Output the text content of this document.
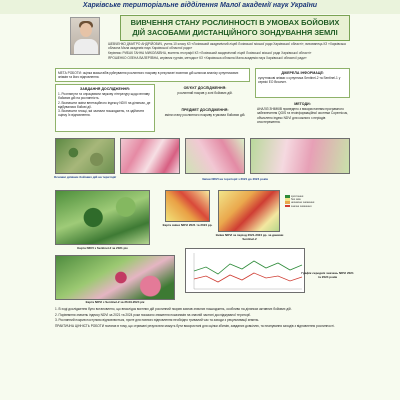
Харківське територіальне відділення Малої академії наук України
ВИВЧЕННЯ СТАНУ РОСЛИННОСТІ В УМОВАХ БОЙОВИХ
ДІЙ ЗАСОБАМИ ДИСТАНЦІЙНОГО ЗОНДУВАННЯ ЗЕМЛІ

ШЕВЧЕНКО ДМИТРО АНДРІЙОВИЧ, учень 10 класу КЗ «Лозівський академічний ліцей Лозівської міської ради Харківської області», вихованець КЗ «Харківська обласна Мала академія наук Харківської обласної ради»

Керівник: РИБАК ГАННА МИКОЛАЇВНА, вчитель географії КЗ «Лозівський академічний ліцей Лозівської міської ради Харківської області»

ЯРОШЕНКО ОЛЕНА ВАЛЕРІЇВНА, керівник гуртків, методист КЗ «Харківська обласна Мала академія наук Харківської обласної ради»

МЕТА РОБОТИ: оцінка масштабів руйнування рослинного покриву в результаті воєнних дій шляхом аналізу супутникових знімків та його відновлення.
ЗАВДАННЯ ДОСЛІДЖЕННЯ:
1. Розглянути та опрацювати наукову літературу щодо впливу бойових дій на рослинність.
2. Визначити зміни вегетаційного індексу NDVI на ділянках, де відбувалися бойові дії.
3. Визначити площі, які зазнали пошкоджень, та здійснити оцінку їх відновлення.
ОБ'ЄКТ ДОСЛІДЖЕННЯ:
рослинний покрив у зоні бойових дій.
ПРЕДМЕТ ДОСЛІДЖЕННЯ:
зміни стану рослинного покриву в умовах бойових дій.
ДЖЕРЕЛА ІНФОРМАЦІЇ:
супутникові знімки з супутника Sentinel-2 та Sentinel-1 у сервісі EO Browser.
МЕТОДИ:
АНАЛІЗ ЗНІМКІВ проведено з використанням програмного забезпечення QGIS та геоінформаційної системи Copernicus, обчислено індекс NDVI для кожного з періодів спостереження.
Основні ділянки бойових дій на території	Зміни NDVI на території з 2021 до 2024 років
Карта NDVI з Sentinel-2 за 2021 рік
Карта зміни NDVI 2021 та 2024 рр.
Зміни NDVI за період 2021-2024 рр. за даними Sentinel-2
зростання
без змін
незначне зниження
значне зниження
Карта NDVI з Sentinel-2 за 26.09.2024 рік
Графік середніх значень NDVI 2021 та 2024 років

1. В ході дослідження було встановлено, що внаслідок воєнних дій рослинний покрив зазнав значних пошкоджень, особливо на ділянках активних бойових дій.

2. Порівняння значень індексу NDVI за 2021 та 2024 роки показало зниження показників на значній частині досліджуваної території.

3. Рослинний покрив поступово відновлюється, проте для повного відновлення необхідно тривалий час та заходи з рекультивації земель.

ПРАКТИЧНА ЦІННІСТЬ РОБОТИ полягає в тому, що отримані результати можуть бути використані для оцінки збитків, завданих довкіллю, та планування заходів з відновлення рослинності.
